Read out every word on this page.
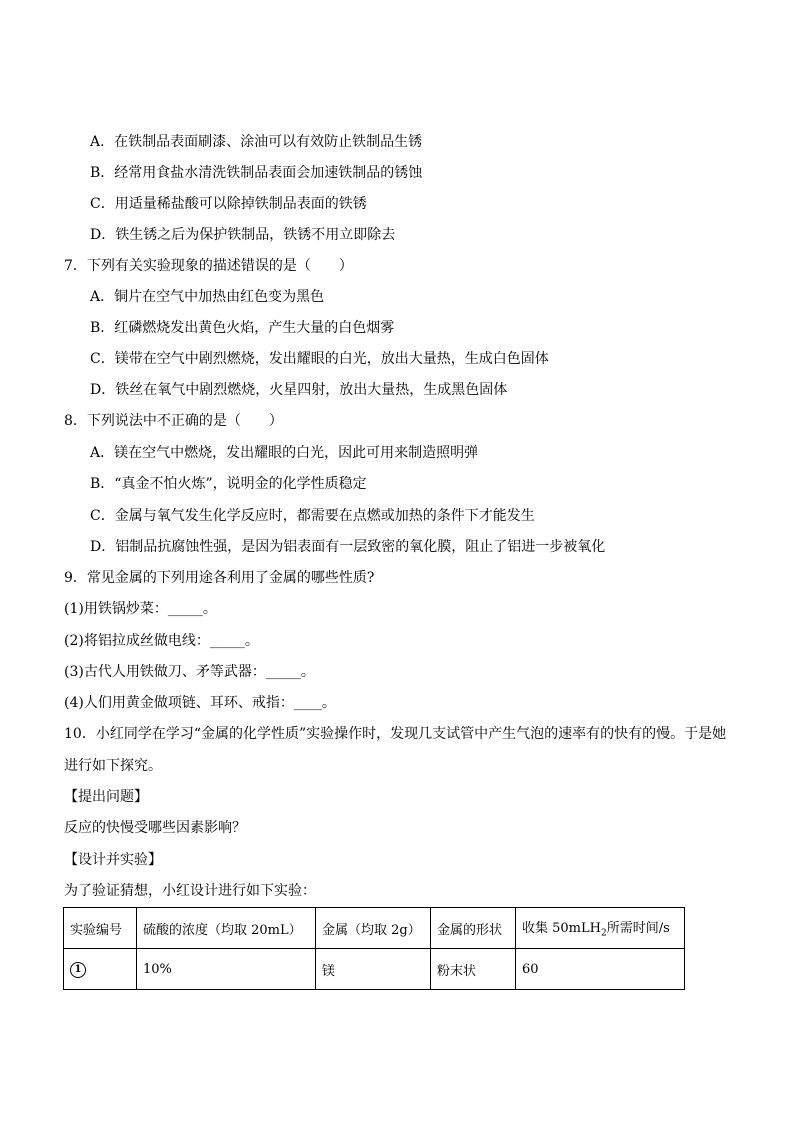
A．在铁制品表面刷漆、涂油可以有效防止铁制品生锈
B．经常用食盐水清洗铁制品表面会加速铁制品的锈蚀
C．用适量稀盐酸可以除掉铁制品表面的铁锈
D．铁生锈之后为保护铁制品，铁锈不用立即除去
7．下列有关实验现象的描述错误的是（　　）
A．铜片在空气中加热由红色变为黑色
B．红磷燃烧发出黄色火焰，产生大量的白色烟雾
C．镁带在空气中剧烈燃烧，发出耀眼的白光，放出大量热，生成白色固体
D．铁丝在氧气中剧烈燃烧，火星四射，放出大量热，生成黑色固体
8．下列说法中不正确的是（　　）
A．镁在空气中燃烧，发出耀眼的白光，因此可用来制造照明弹
B．“真金不怕火炼”，说明金的化学性质稳定
C．金属与氧气发生化学反应时，都需要在点燃或加热的条件下才能发生
D．铝制品抗腐蚀性强，是因为铝表面有一层致密的氧化膜，阻止了铝进一步被氧化
9．常见金属的下列用途各利用了金属的哪些性质?
(1)用铁锅炒菜：_____。
(2)将铝拉成丝做电线：_____。
(3)古代人用铁做刀、矛等武器：_____。
(4)人们用黄金做项链、耳环、戒指：____。
10．小红同学在学习“金属的化学性质”实验操作时，发现几支试管中产生气泡的速率有的快有的慢。于是她
进行如下探究。
【提出问题】
反应的快慢受哪些因素影响？
【设计并实验】
为了验证猜想，小红设计进行如下实验：
实验编号	硫酸的浓度（均取 20mL）	金属（均取 2g）	金属的形状	收集 50mLH$_2$所需时间/s
1	10%	镁	粉末状	60
